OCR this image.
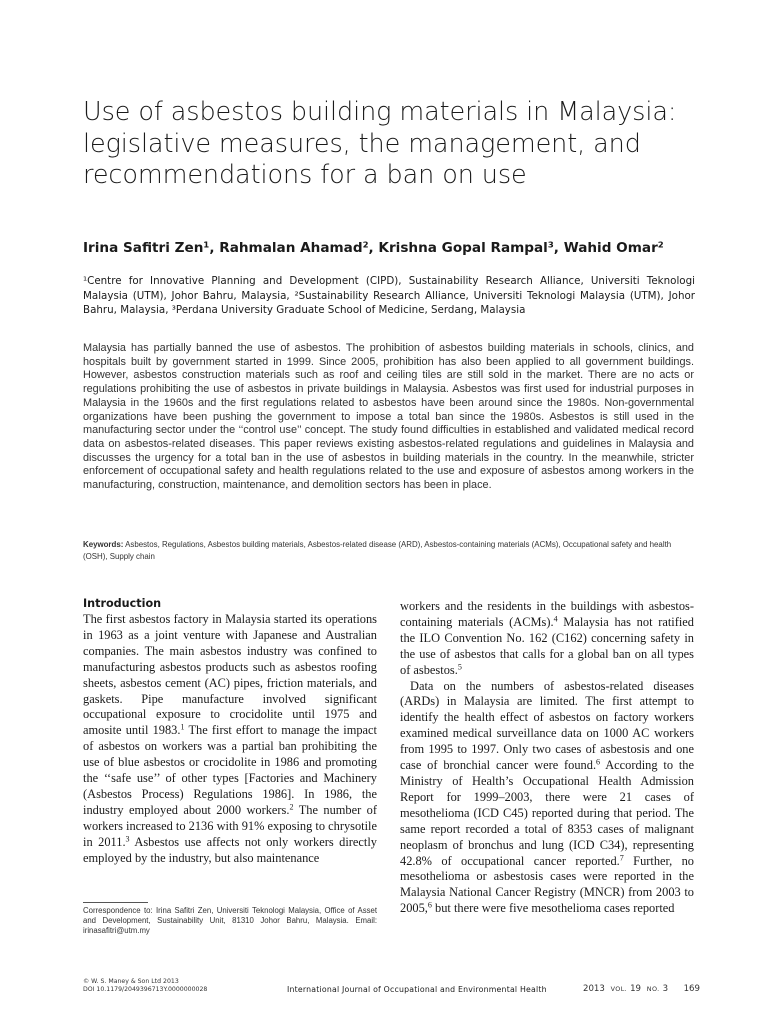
Use of asbestos building materials in Malaysia: legislative measures, the management, and recommendations for a ban on use

Irina Safitri Zen¹, Rahmalan Ahamad², Krishna Gopal Rampal³, Wahid Omar²

¹Centre for Innovative Planning and Development (CIPD), Sustainability Research Alliance, Universiti Teknologi Malaysia (UTM), Johor Bahru, Malaysia, ²Sustainability Research Alliance, Universiti Teknologi Malaysia (UTM), Johor Bahru, Malaysia, ³Perdana University Graduate School of Medicine, Serdang, Malaysia

Malaysia has partially banned the use of asbestos. The prohibition of asbestos building materials in schools, clinics, and hospitals built by government started in 1999. Since 2005, prohibition has also been applied to all government buildings. However, asbestos construction materials such as roof and ceiling tiles are still sold in the market. There are no acts or regulations prohibiting the use of asbestos in private buildings in Malaysia. Asbestos was first used for industrial purposes in Malaysia in the 1960s and the first regulations related to asbestos have been around since the 1980s. Non-governmental organizations have been pushing the government to impose a total ban since the 1980s. Asbestos is still used in the manufacturing sector under the ‘‘control use’’ concept. The study found difficulties in established and validated medical record data on asbestos-related diseases. This paper reviews existing asbestos-related regulations and guidelines in Malaysia and discusses the urgency for a total ban in the use of asbestos in building materials in the country. In the meanwhile, stricter enforcement of occupational safety and health regulations related to the use and exposure of asbestos among workers in the manufacturing, construction, maintenance, and demolition sectors has been in place.

Keywords: Asbestos, Regulations, Asbestos building materials, Asbestos-related disease (ARD), Asbestos-containing materials (ACMs), Occupational safety and health (OSH), Supply chain

Introduction

The first asbestos factory in Malaysia started its operations in 1963 as a joint venture with Japanese and Australian companies. The main asbestos industry was confined to manufacturing asbestos products such as asbestos roofing sheets, asbestos cement (AC) pipes, friction materials, and gaskets. Pipe manufacture involved significant occupational exposure to crocidolite until 1975 and amosite until 1983.$^1$ The first effort to manage the impact of asbestos on workers was a partial ban prohibiting the use of blue asbestos or crocidolite in 1986 and promoting the ‘‘safe use’’ of other types [Factories and Machinery (Asbestos Process) Regulations 1986]. In 1986, the industry employed about 2000 workers.$^2$ The number of workers increased to 2136 with 91% exposing to chrysotile in 2011.$^3$ Asbestos use affects not only workers directly employed by the industry, but also maintenance

workers and the residents in the buildings with asbestos-containing materials (ACMs).$^4$ Malaysia has not ratified the ILO Convention No. 162 (C162) concerning safety in the use of asbestos that calls for a global ban on all types of asbestos.$^5$

Data on the numbers of asbestos-related diseases (ARDs) in Malaysia are limited. The first attempt to identify the health effect of asbestos on factory workers examined medical surveillance data on 1000 AC workers from 1995 to 1997. Only two cases of asbestosis and one case of bronchial cancer were found.$^6$ According to the Ministry of Health’s Occupational Health Admission Report for 1999–2003, there were 21 cases of mesothelioma (ICD C45) reported during that period. The same report recorded a total of 8353 cases of malignant neoplasm of bronchus and lung (ICD C34), representing 42.8% of occupational cancer reported.$^7$ Further, no mesothelioma or asbestosis cases were reported in the Malaysia National Cancer Registry (MNCR) from 2003 to 2005,$^6$ but there were five mesothelioma cases reported

Correspondence to: Irina Safitri Zen, Universiti Teknologi Malaysia, Office of Asset and Development, Sustainability Unit, 81310 Johor Bahru, Malaysia. Email: irinasafitri@utm.my

© W. S. Maney & Son Ltd 2013
DOI 10.1179/2049396713Y.0000000028	International Journal of Occupational and Environmental Health	2013 VOL. 19 NO. 3	169
